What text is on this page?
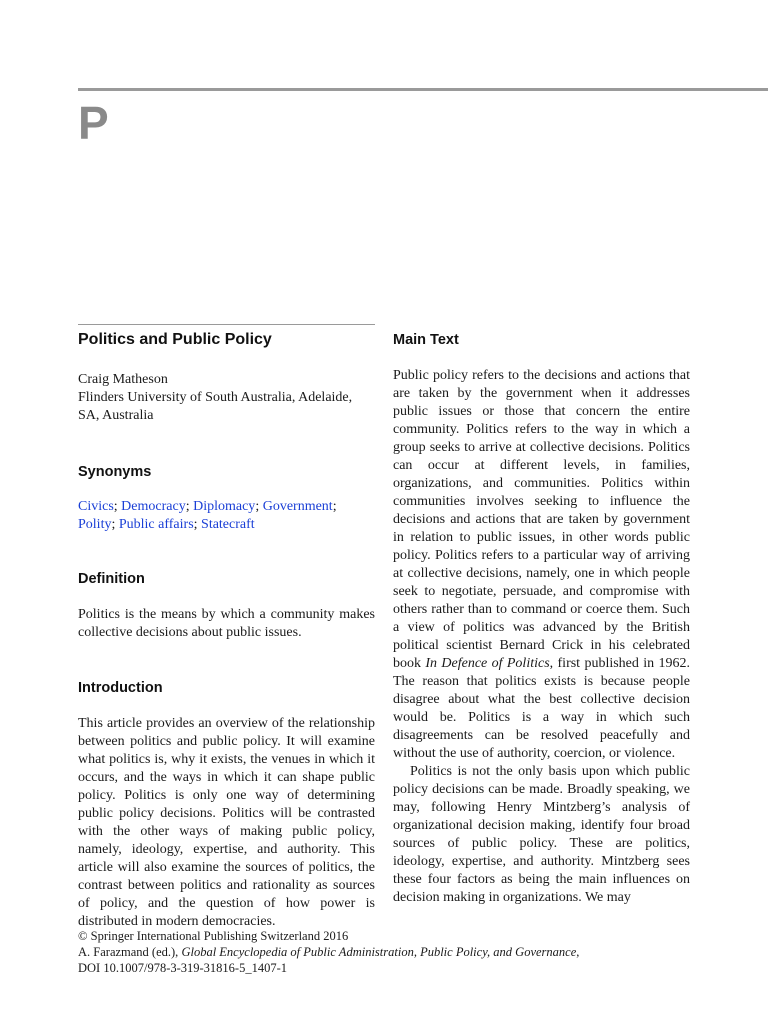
P
Politics and Public Policy

Craig Matheson
Flinders University of South Australia, Adelaide, SA, Australia

Synonyms

Civics; Democracy; Diplomacy; Government; Polity; Public affairs; Statecraft

Definition

Politics is the means by which a community makes collective decisions about public issues.

Introduction

This article provides an overview of the relationship between politics and public policy. It will examine what politics is, why it exists, the venues in which it occurs, and the ways in which it can shape public policy. Politics is only one way of determining public policy decisions. Politics will be contrasted with the other ways of making public policy, namely, ideology, expertise, and authority. This article will also examine the sources of politics, the contrast between politics and rationality as sources of policy, and the question of how power is distributed in modern democracies.

Main Text

Public policy refers to the decisions and actions that are taken by the government when it addresses public issues or those that concern the entire community. Politics refers to the way in which a group seeks to arrive at collective decisions. Politics can occur at different levels, in families, organizations, and communities. Politics within communities involves seeking to influence the decisions and actions that are taken by government in relation to public issues, in other words public policy. Politics refers to a particular way of arriving at collective decisions, namely, one in which people seek to negotiate, persuade, and compromise with others rather than to command or coerce them. Such a view of politics was advanced by the British political scientist Bernard Crick in his celebrated book In Defence of Politics, first published in 1962. The reason that politics exists is because people disagree about what the best collective decision would be. Politics is a way in which such disagreements can be resolved peacefully and without the use of authority, coercion, or violence.

Politics is not the only basis upon which public policy decisions can be made. Broadly speaking, we may, following Henry Mintzberg’s analysis of organizational decision making, identify four broad sources of public policy. These are politics, ideology, expertise, and authority. Mintzberg sees these four factors as being the main influences on decision making in organizations. We may

© Springer International Publishing Switzerland 2016
A. Farazmand (ed.), Global Encyclopedia of Public Administration, Public Policy, and Governance,
DOI 10.1007/978-3-319-31816-5_1407-1
